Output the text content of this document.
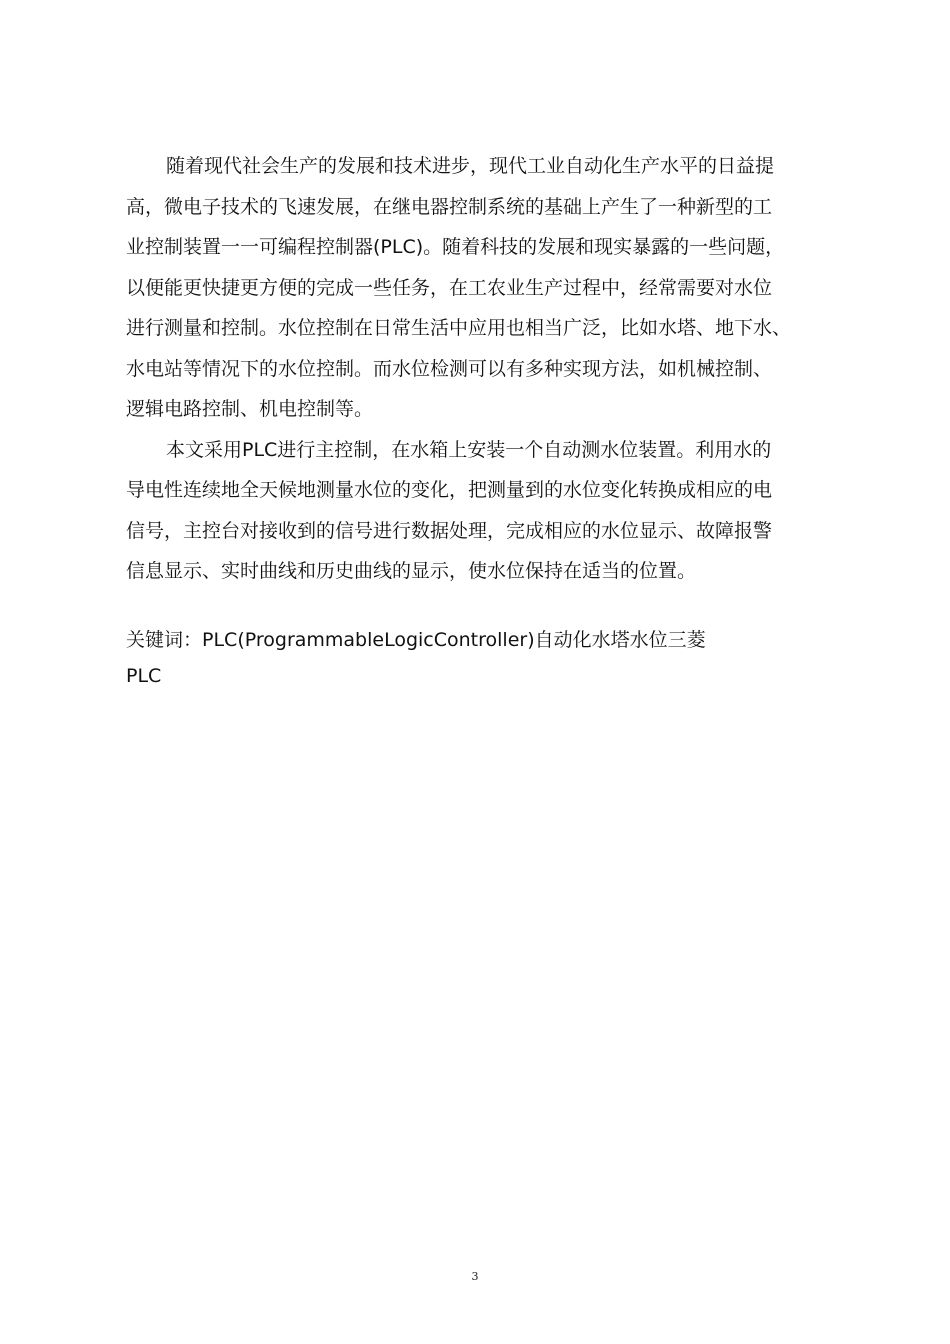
随着现代社会生产的发展和技术进步，现代工业自动化生产水平的日益提
高，微电子技术的飞速发展，在继电器控制系统的基础上产生了一种新型的工
业控制装置一一可编程控制器(PLC)。随着科技的发展和现实暴露的一些问题，
以便能更快捷更方便的完成一些任务，在工农业生产过程中，经常需要对水位
进行测量和控制。水位控制在日常生活中应用也相当广泛，比如水塔、地下水、
水电站等情况下的水位控制。而水位检测可以有多种实现方法，如机械控制、
逻辑电路控制、机电控制等。
本文采用PLC进行主控制，在水箱上安装一个自动测水位装置。利用水的
导电性连续地全天候地测量水位的变化，把测量到的水位变化转换成相应的电
信号，主控台对接收到的信号进行数据处理，完成相应的水位显示、故障报警
信息显示、实时曲线和历史曲线的显示，使水位保持在适当的位置。
关键词：PLC(ProgrammableLogicController)自动化水塔水位三菱
PLC
3
